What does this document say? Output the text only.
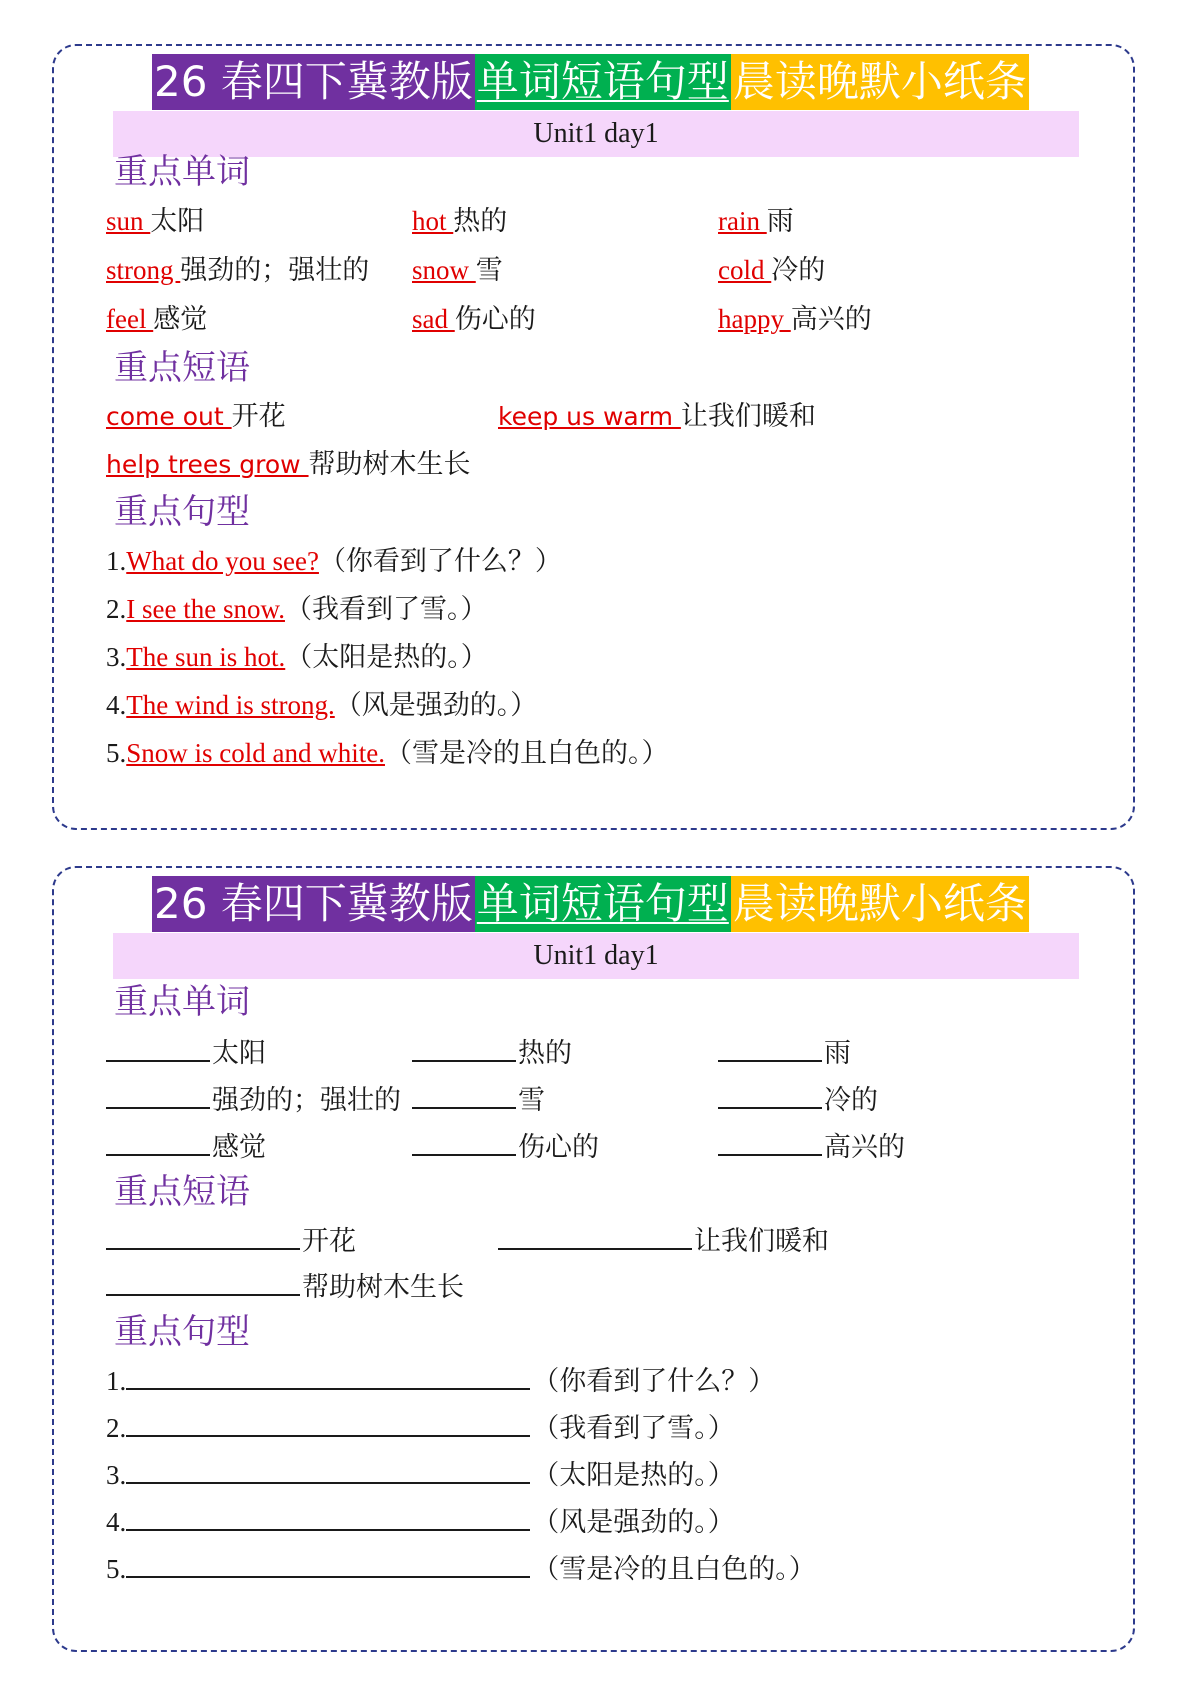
26 春四下冀教版 单词短语句型 晨读晚默小纸条
Unit1 day1
重点单词
sun 太阳	hot 热的	rain 雨
strong 强劲的；强壮的 snow 雪	cold 冷的
feel 感觉	sad 伤心的	happy 高兴的
重点短语
come out 开花	keep us warm 让我们暖和
help trees grow 帮助树木生长
重点句型
1.What do you see?（你看到了什么？）
2.I see the snow.（我看到了雪。）
3.The sun is hot.（太阳是热的。）
4.The wind is strong.（风是强劲的。）
5.Snow is cold and white.（雪是冷的且白色的。）
26 春四下冀教版 单词短语句型 晨读晚默小纸条
Unit1 day1
重点单词
太阳	热的	雨
强劲的；强壮的	雪	冷的
感觉	伤心的	高兴的
重点短语
开花	让我们暖和
帮助树木生长
重点句型
1.	（你看到了什么？）
2.	（我看到了雪。）
3.	（太阳是热的。）
4.	（风是强劲的。）
5.	（雪是冷的且白色的。）
